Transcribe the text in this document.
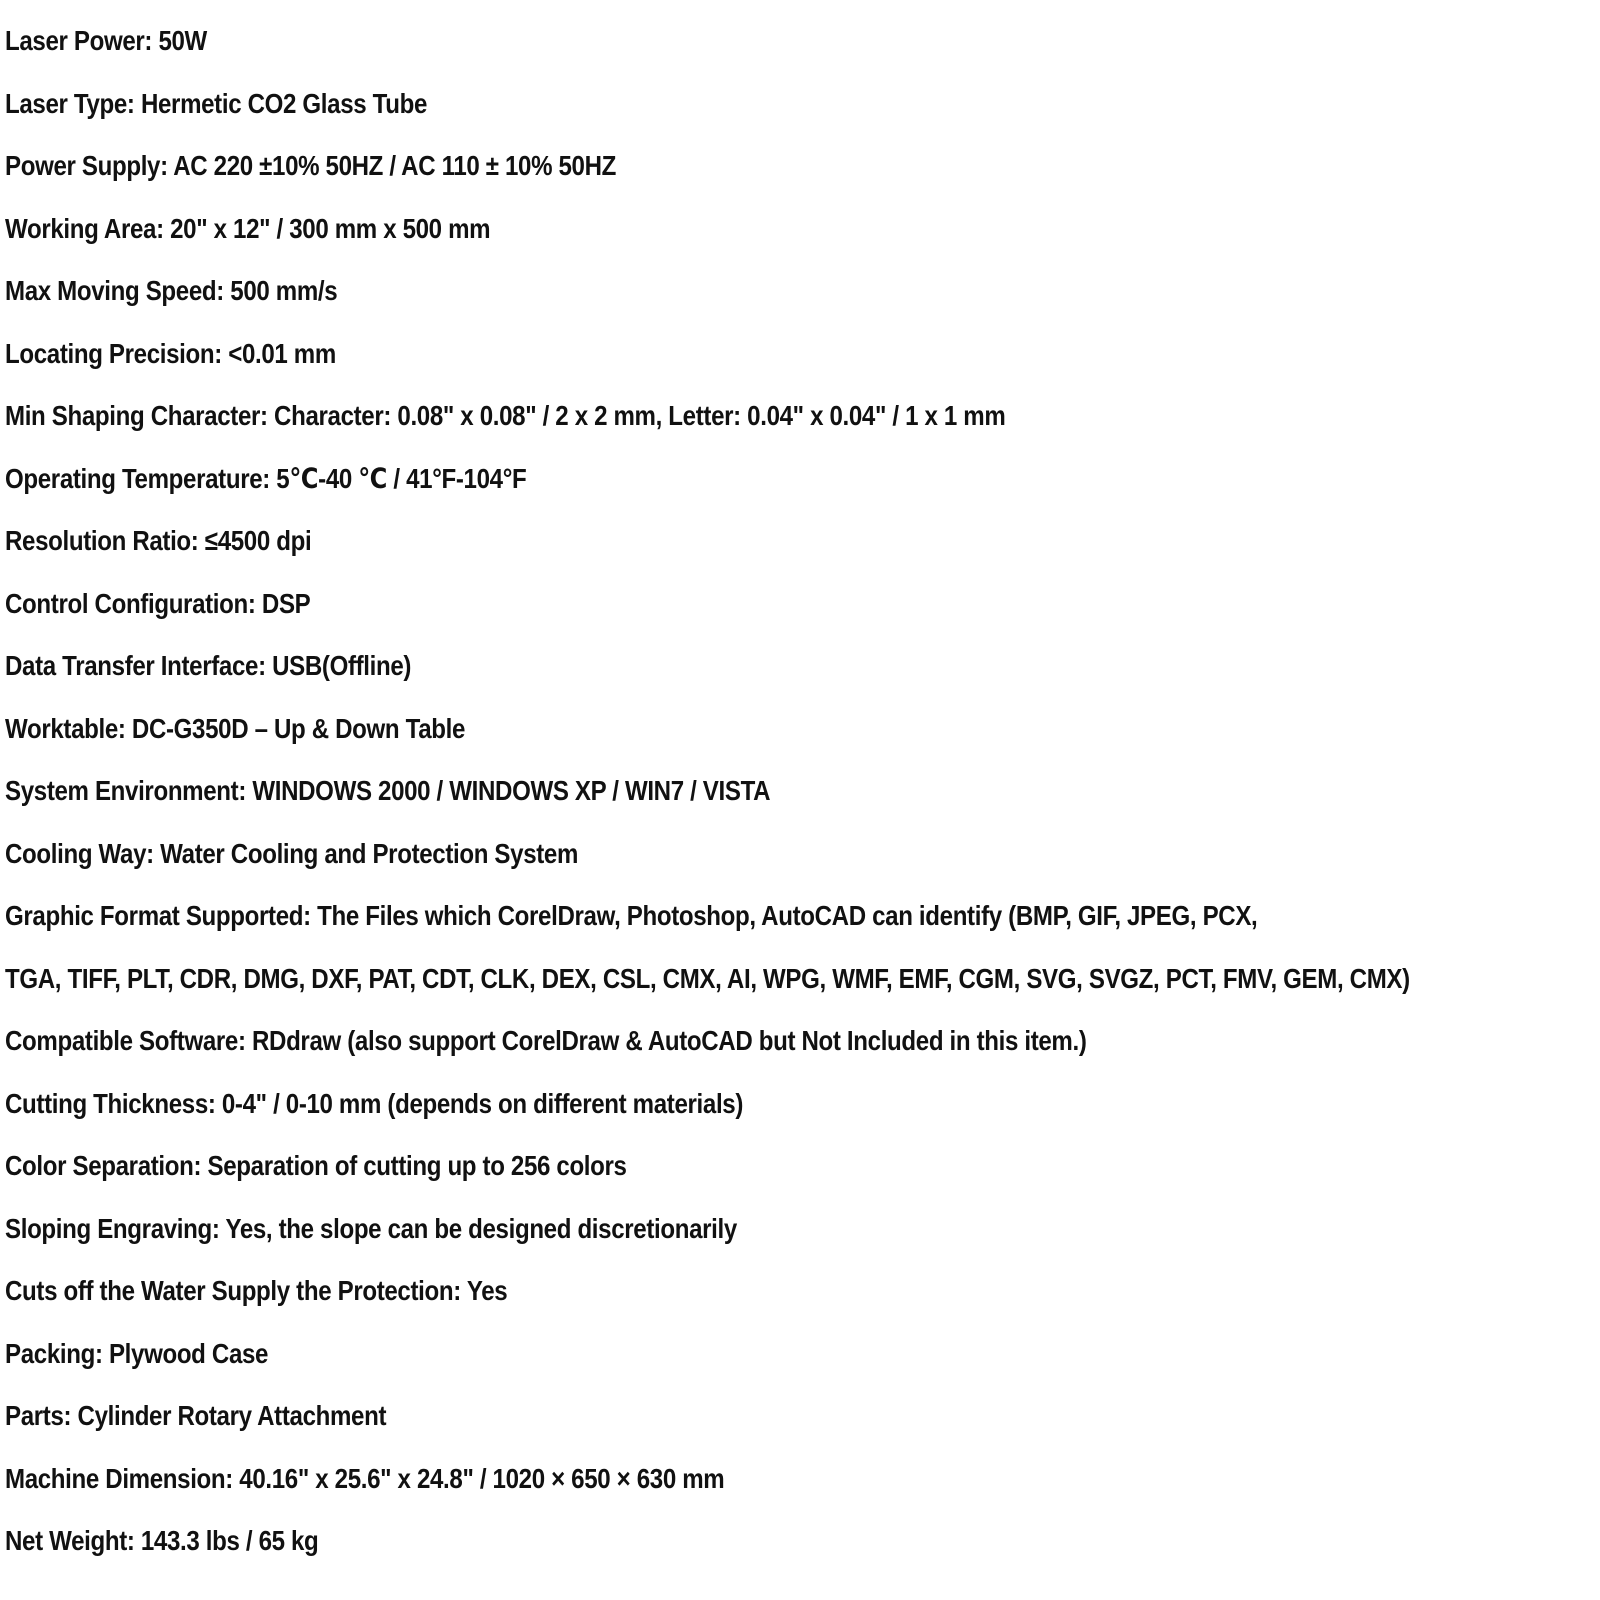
Laser Power: 50W
Laser Type: Hermetic CO2 Glass Tube
Power Supply: AC 220 ±10% 50HZ / AC 110 ± 10% 50HZ
Working Area: 20" x 12" / 300 mm x 500 mm
Max Moving Speed: 500 mm/s
Locating Precision: <0.01 mm
Min Shaping Character: Character: 0.08" x 0.08" / 2 x 2 mm, Letter: 0.04" x 0.04" / 1 x 1 mm
Operating Temperature: 5℃-40 ℃ / 41°F-104°F
Resolution Ratio: ≤4500 dpi
Control Configuration: DSP
Data Transfer Interface: USB(Offline)
Worktable: DC-G350D – Up & Down Table
System Environment: WINDOWS 2000 / WINDOWS XP / WIN7 / VISTA
Cooling Way: Water Cooling and Protection System
Graphic Format Supported: The Files which CorelDraw, Photoshop, AutoCAD can identify (BMP, GIF, JPEG, PCX,
TGA, TIFF, PLT, CDR, DMG, DXF, PAT, CDT, CLK, DEX, CSL, CMX, AI, WPG, WMF, EMF, CGM, SVG, SVGZ, PCT, FMV, GEM, CMX)
Compatible Software: RDdraw (also support CorelDraw & AutoCAD but Not Included in this item.)
Cutting Thickness: 0-4" / 0-10 mm (depends on different materials)
Color Separation: Separation of cutting up to 256 colors
Sloping Engraving: Yes, the slope can be designed discretionarily
Cuts off the Water Supply the Protection: Yes
Packing: Plywood Case
Parts: Cylinder Rotary Attachment
Machine Dimension: 40.16" x 25.6" x 24.8" / 1020 × 650 × 630 mm
Net Weight: 143.3 lbs / 65 kg
